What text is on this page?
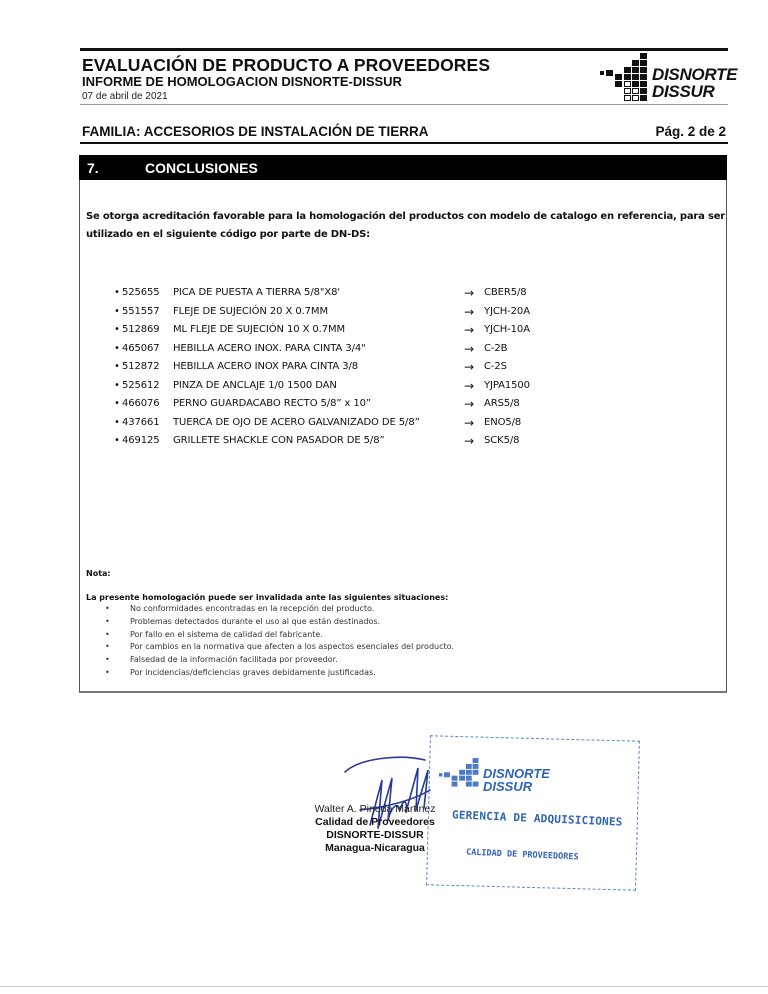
EVALUACIÓN DE PRODUCTO A PROVEEDORES
INFORME DE HOMOLOGACION DISNORTE-DISSUR
07 de abril de 2021
DISNORTE
DISSUR
FAMILIA: ACCESORIOS DE INSTALACIÓN DE TIERRA	Pág. 2 de 2
7.	CONCLUSIONES
Se otorga acreditación favorable para la homologación del productos con modelo de catalogo en referencia, para ser utilizado en el siguiente código por parte de DN-DS:
• 525655 PICA DE PUESTA A TIERRA 5/8"X8'	→ CBER5/8
• 551557 FLEJE DE SUJECIÓN 20 X 0.7MM	→ YJCH-20A
• 512869 ML FLEJE DE SUJECIÓN 10 X 0.7MM	→ YJCH-10A
• 465067 HEBILLA ACERO INOX. PARA CINTA 3/4"	→ C-2B
• 512872 HEBILLA ACERO INOX PARA CINTA 3/8	→ C-2S
• 525612 PINZA DE ANCLAJE 1/0 1500 DAN	→ YJPA1500
• 466076 PERNO GUARDACABO RECTO 5/8” x 10”	→ ARS5/8
• 437661 TUERCA DE OJO DE ACERO GALVANIZADO DE 5/8”	→ ENO5/8
• 469125 GRILLETE SHACKLE CON PASADOR DE 5/8”	→ SCK5/8
Nota:
La presente homologación puede ser invalidada ante las siguientes situaciones:
•	No conformidades encontradas en la recepción del producto.
•	Problemas detectados durante el uso al que están destinados.
•	Por fallo en el sistema de calidad del fabricante.
•	Por cambios en la normativa que afecten a los aspectos esenciales del producto.
•	Falsedad de la información facilitada por proveedor.
•	Por incidencias/deficiencias graves debidamente justificadas.
DISNORTE
DISSUR
GERENCIA DE ADQUISICIONES
CALIDAD DE PROVEEDORES
Walter A. Pineda Martinez
Calidad de Proveedores
DISNORTE-DISSUR
Managua-Nicaragua
